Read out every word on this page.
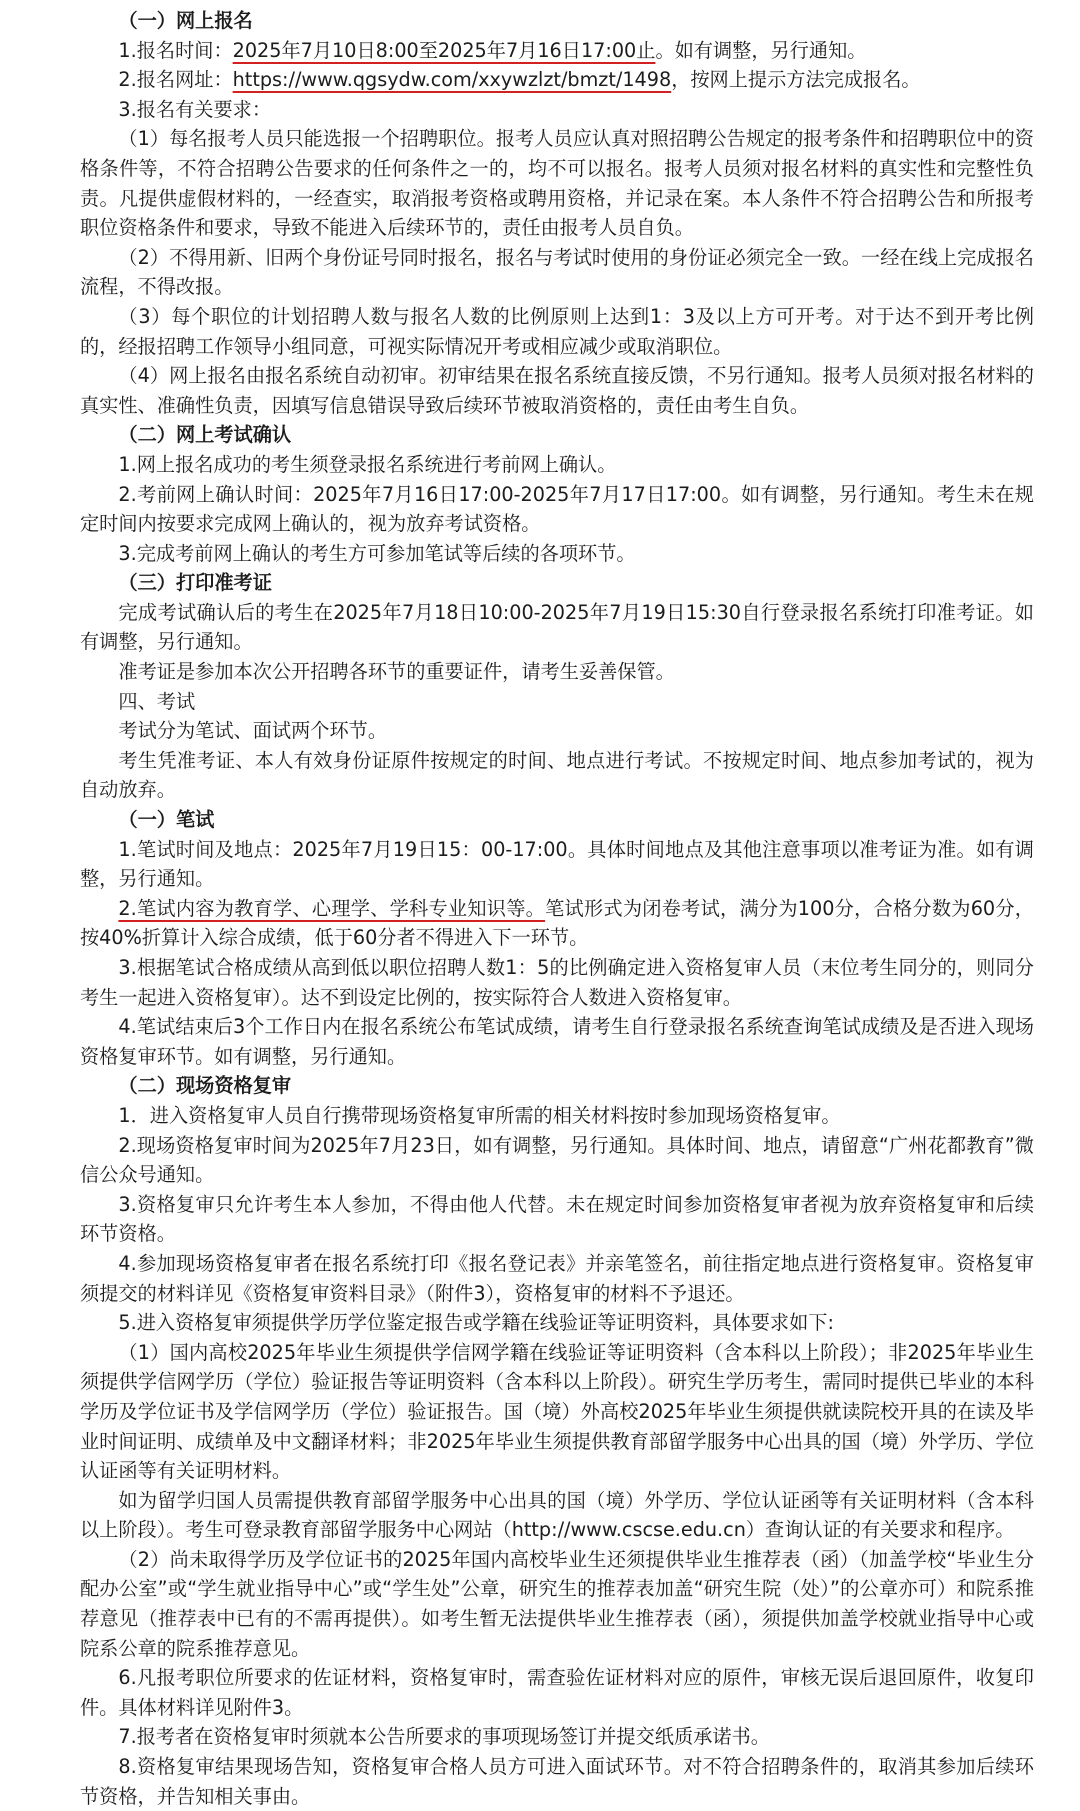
（一）网上报名

1.报名时间：2025年7月10日8:00至2025年7月16日17:00止。如有调整，另行通知。

2.报名网址：https://www.qgsydw.com/xxywzlzt/bmzt/1498，按网上提示方法完成报名。

3.报名有关要求：

（1）每名报考人员只能选报一个招聘职位。报考人员应认真对照招聘公告规定的报考条件和招聘职位中的资格条件等，不符合招聘公告要求的任何条件之一的，均不可以报名。报考人员须对报名材料的真实性和完整性负责。凡提供虚假材料的，一经查实，取消报考资格或聘用资格，并记录在案。本人条件不符合招聘公告和所报考职位资格条件和要求，导致不能进入后续环节的，责任由报考人员自负。

（2）不得用新、旧两个身份证号同时报名，报名与考试时使用的身份证必须完全一致。一经在线上完成报名流程，不得改报。

（3）每个职位的计划招聘人数与报名人数的比例原则上达到1：3及以上方可开考。对于达不到开考比例的，经报招聘工作领导小组同意，可视实际情况开考或相应减少或取消职位。

（4）网上报名由报名系统自动初审。初审结果在报名系统直接反馈，不另行通知。报考人员须对报名材料的真实性、准确性负责，因填写信息错误导致后续环节被取消资格的，责任由考生自负。

（二）网上考试确认

1.网上报名成功的考生须登录报名系统进行考前网上确认。

2.考前网上确认时间：2025年7月16日17:00-2025年7月17日17:00。如有调整，另行通知。考生未在规定时间内按要求完成网上确认的，视为放弃考试资格。

3.完成考前网上确认的考生方可参加笔试等后续的各项环节。

（三）打印准考证

完成考试确认后的考生在2025年7月18日10:00-2025年7月19日15:30自行登录报名系统打印准考证。如有调整，另行通知。

准考证是参加本次公开招聘各环节的重要证件，请考生妥善保管。

四、考试

考试分为笔试、面试两个环节。

考生凭准考证、本人有效身份证原件按规定的时间、地点进行考试。不按规定时间、地点参加考试的，视为自动放弃。

（一）笔试

1.笔试时间及地点：2025年7月19日15：00-17:00。具体时间地点及其他注意事项以准考证为准。如有调整，另行通知。

2.笔试内容为教育学、心理学、学科专业知识等。笔试形式为闭卷考试，满分为100分，合格分数为60分，按40%折算计入综合成绩，低于60分者不得进入下一环节。

3.根据笔试合格成绩从高到低以职位招聘人数1：5的比例确定进入资格复审人员（末位考生同分的，则同分考生一起进入资格复审）。达不到设定比例的，按实际符合人数进入资格复审。

4.笔试结束后3个工作日内在报名系统公布笔试成绩，请考生自行登录报名系统查询笔试成绩及是否进入现场资格复审环节。如有调整，另行通知。

（二）现场资格复审

1．进入资格复审人员自行携带现场资格复审所需的相关材料按时参加现场资格复审。

2.现场资格复审时间为2025年7月23日，如有调整，另行通知。具体时间、地点，请留意“广州花都教育”微信公众号通知。

3.资格复审只允许考生本人参加，不得由他人代替。未在规定时间参加资格复审者视为放弃资格复审和后续环节资格。

4.参加现场资格复审者在报名系统打印《报名登记表》并亲笔签名，前往指定地点进行资格复审。资格复审须提交的材料详见《资格复审资料目录》（附件3），资格复审的材料不予退还。

5.进入资格复审须提供学历学位鉴定报告或学籍在线验证等证明资料，具体要求如下:

（1）国内高校2025年毕业生须提供学信网学籍在线验证等证明资料（含本科以上阶段）；非2025年毕业生须提供学信网学历（学位）验证报告等证明资料（含本科以上阶段）。研究生学历考生，需同时提供已毕业的本科学历及学位证书及学信网学历（学位）验证报告。国（境）外高校2025年毕业生须提供就读院校开具的在读及毕业时间证明、成绩单及中文翻译材料；非2025年毕业生须提供教育部留学服务中心出具的国（境）外学历、学位认证函等有关证明材料。

如为留学归国人员需提供教育部留学服务中心出具的国（境）外学历、学位认证函等有关证明材料（含本科以上阶段）。考生可登录教育部留学服务中心网站（http://www.cscse.edu.cn）查询认证的有关要求和程序。

（2）尚未取得学历及学位证书的2025年国内高校毕业生还须提供毕业生推荐表（函）（加盖学校“毕业生分配办公室”或“学生就业指导中心”或“学生处”公章，研究生的推荐表加盖“研究生院（处）”的公章亦可）和院系推荐意见（推荐表中已有的不需再提供）。如考生暂无法提供毕业生推荐表（函），须提供加盖学校就业指导中心或院系公章的院系推荐意见。

6.凡报考职位所要求的佐证材料，资格复审时，需查验佐证材料对应的原件，审核无误后退回原件，收复印件。具体材料详见附件3。

7.报考者在资格复审时须就本公告所要求的事项现场签订并提交纸质承诺书。

8.资格复审结果现场告知，资格复审合格人员方可进入面试环节。对不符合招聘条件的，取消其参加后续环节资格，并告知相关事由。
